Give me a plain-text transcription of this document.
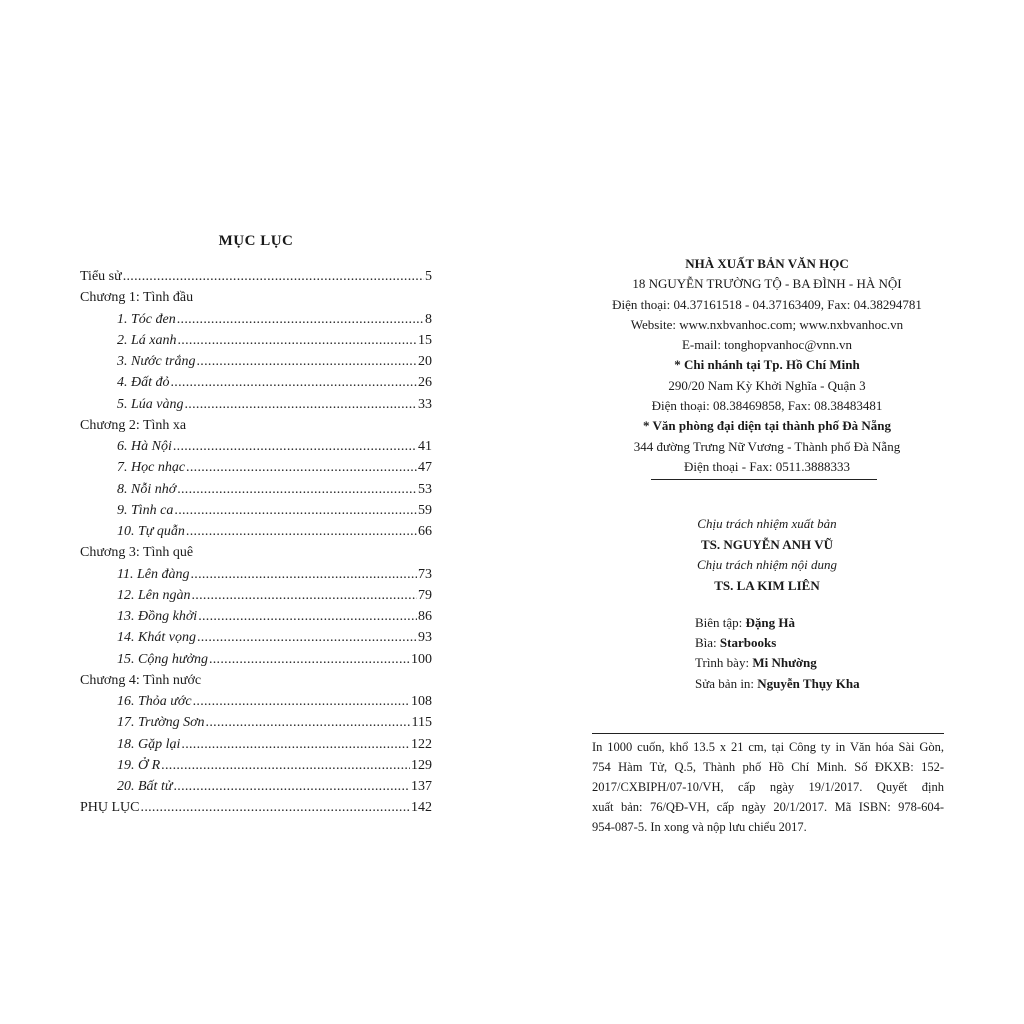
MỤC LỤC
Tiểu sử .....	5
Chương 1: Tình đầu
1. Tóc đen .....	8
2. Lá xanh .....	15
3. Nước trắng .....	20
4. Đất đỏ .....	26
5. Lúa vàng .....	33
Chương 2: Tình xa
6. Hà Nội .....	41
7. Học nhạc .....	47
8. Nỗi nhớ .....	53
9. Tình ca .....	59
10. Tự quẫn .....	66
Chương 3: Tình quê
11. Lên đàng .....	73
12. Lên ngàn .....	79
13. Đồng khởi .....	86
14. Khát vọng .....	93
15. Cộng hưởng .....	100
Chương 4: Tình nước
16. Thỏa ước .....	108
17. Trường Sơn .....	115
18. Gặp lại .....	122
19. Ở R .....	129
20. Bất tử .....	137
PHỤ LỤC .....	142
NHÀ XUẤT BẢN VĂN HỌC
18 NGUYỄN TRƯỜNG TỘ - BA ĐÌNH - HÀ NỘI
Điện thoại: 04.37161518 - 04.37163409, Fax: 04.38294781
Website: www.nxbvanhoc.com; www.nxbvanhoc.vn
E-mail: tonghopvanhoc@vnn.vn
* Chi nhánh tại Tp. Hồ Chí Minh
290/20 Nam Kỳ Khởi Nghĩa - Quận 3
Điện thoại: 08.38469858, Fax: 08.38483481
* Văn phòng đại diện tại thành phố Đà Nẵng
344 đường Trưng Nữ Vương - Thành phố Đà Nẵng
Điện thoại - Fax: 0511.3888333
Chịu trách nhiệm xuất bản
TS. NGUYỄN ANH VŨ
Chịu trách nhiệm nội dung
TS. LA KIM LIÊN
Biên tập: Đặng Hà
Bìa: Starbooks
Trình bày: Mi Nhường
Sửa bản in: Nguyễn Thụy Kha
In 1000 cuốn, khổ 13.5 x 21 cm, tại Công ty in Văn hóa Sài Gòn,
754 Hàm Tử, Q.5, Thành phố Hồ Chí Minh. Số ĐKXB: 152-
2017/CXBIPH/07-10/VH, cấp ngày 19/1/2017. Quyết định
xuất bản: 76/QĐ-VH, cấp ngày 20/1/2017. Mã ISBN: 978-604-
954-087-5. In xong và nộp lưu chiểu 2017.
